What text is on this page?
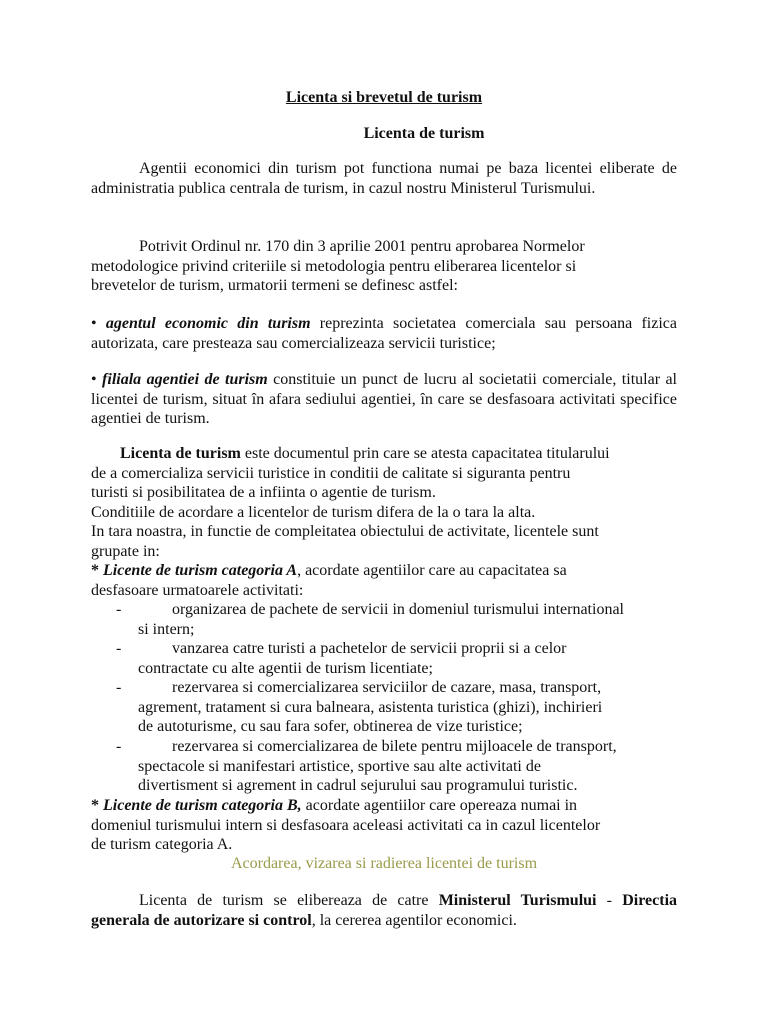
Licenta si brevetul de turism
Licenta de turism
Agentii economici din turism pot functiona numai pe baza licentei eliberate de administratia publica centrala de turism, in cazul nostru Ministerul Turismului.
Potrivit Ordinul nr. 170 din 3 aprilie 2001 pentru aprobarea Normelor
metodologice privind criteriile si metodologia pentru eliberarea licentelor si
brevetelor de turism, urmatorii termeni se definesc astfel:
• agentul economic din turism reprezinta societatea comerciala sau persoana fizica autorizata, care presteaza sau comercializeaza servicii turistice;
• filiala agentiei de turism constituie un punct de lucru al societatii comerciale, titular al licentei de turism, situat în afara sediului agentiei, în care se desfasoara activitati specifice agentiei de turism.
Licenta de turism este documentul prin care se atesta capacitatea titularului
de a comercializa servicii turistice in conditii de calitate si siguranta pentru
turisti si posibilitatea de a infiinta o agentie de turism.
Conditiile de acordare a licentelor de turism difera de la o tara la alta.
In tara noastra, in functie de compleitatea obiectului de activitate, licentele sunt
grupate in:
* Licente de turism categoria A, acordate agentiilor care au capacitatea sa
desfasoare urmatoarele activitati:
-	organizarea de pachete de servicii in domeniul turismului international
si intern;
-	vanzarea catre turisti a pachetelor de servicii proprii si a celor
contractate cu alte agentii de turism licentiate;
-	rezervarea si comercializarea serviciilor de cazare, masa, transport,
agrement, tratament si cura balneara, asistenta turistica (ghizi), inchirieri
de autoturisme, cu sau fara sofer, obtinerea de vize turistice;
-	rezervarea si comercializarea de bilete pentru mijloacele de transport,
spectacole si manifestari artistice, sportive sau alte activitati de
divertisment si agrement in cadrul sejurului sau programului turistic.
* Licente de turism categoria B, acordate agentiilor care opereaza numai in
domeniul turismului intern si desfasoara aceleasi activitati ca in cazul licentelor
de turism categoria A.
Acordarea, vizarea si radierea licentei de turism
Licenta de turism se elibereaza de catre Ministerul Turismului - Directia generala de autorizare si control, la cererea agentilor economici.
